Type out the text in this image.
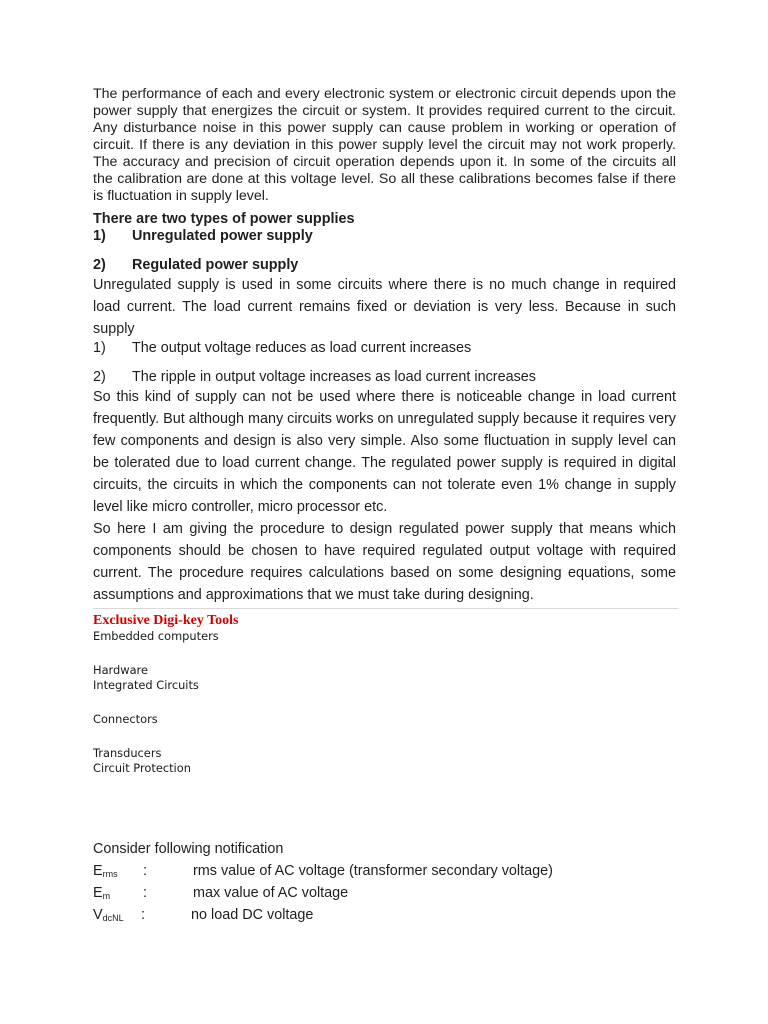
The performance of each and every electronic system or electronic circuit depends upon the power supply that energizes the circuit or system. It provides required current to the circuit. Any disturbance noise in this power supply can cause problem in working or operation of circuit. If there is any deviation in this power supply level the circuit may not work properly. The accuracy and precision of circuit operation depends upon it. In some of the circuits all the calibration are done at this voltage level. So all these calibrations becomes false if there is fluctuation in supply level.

There are two types of power supplies
1) Unregulated power supply
2) Regulated power supply

Unregulated supply is used in some circuits where there is no much change in required load current. The load current remains fixed or deviation is very less. Because in such supply

1) The output voltage reduces as load current increases
2) The ripple in output voltage increases as load current increases

So this kind of supply can not be used where there is noticeable change in load current frequently. But although many circuits works on unregulated supply because it requires very few components and design is also very simple. Also some fluctuation in supply level can be tolerated due to load current change. The regulated power supply is required in digital circuits, the circuits in which the components can not tolerate even 1% change in supply level like micro controller, micro processor etc.

So here I am giving the procedure to design regulated power supply that means which components should be chosen to have required regulated output voltage with required current. The procedure requires calculations based on some designing equations, some assumptions and approximations that we must take during designing.

Exclusive Digi-key Tools
Embedded computers
Hardware
Integrated Circuits
Connectors
Transducers
Circuit Protection
Consider following notification
$E_{rms}$ :	rms value of AC voltage (transformer secondary voltage)
$E_m$ :	max value of AC voltage
$V_{dcNL}$ :	no load DC voltage
